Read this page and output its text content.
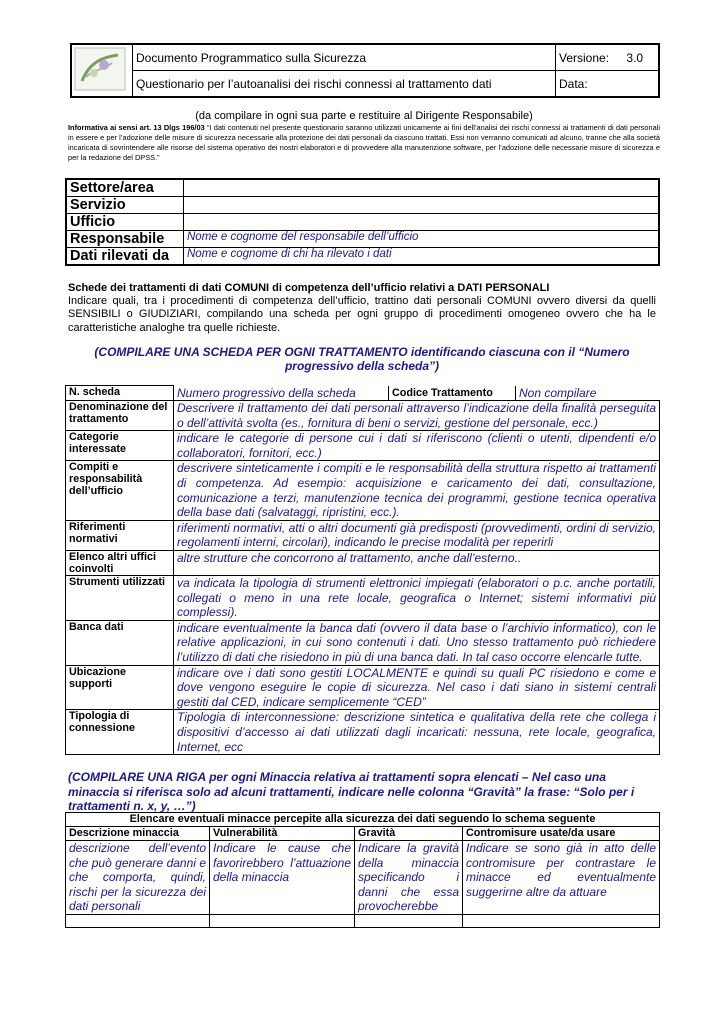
	Documento Programmatico sulla Sicurezza	Versione: 3.0
	Questionario per l’autoanalisi dei rischi connessi al trattamento dati	Data:
(da compilare in ogni sua parte e restituire al Dirigente Responsabile)
Informativa ai sensi art. 13 Dlgs 196/03 “I dati contenuti nel presente questionario saranno utilizzati unicamente ai fini dell’analisi dei rischi connessi ai trattamenti di dati personali in essere e per l’adozione delle misure di sicurezza necessarie alla protezione dei dati personali da ciascuno trattati. Essi non verranno comunicati ad alcuno, tranne che alla società incaricata di sovrintendere alle risorse del sistema operativo dei nostri elaboratori e di provvedere alla manutenzione software, per l’adozione delle necessarie misure di sicurezza e per la redazione del DPSS.”
Settore/area	
Servizio	
Ufficio	
Responsabile	Nome e cognome del responsabile dell’ufficio
Dati rilevati da	Nome e cognome di chi ha rilevato i dati
Schede dei trattamenti di dati COMUNI di competenza dell’ufficio relativi a DATI PERSONALI
Indicare quali, tra i procedimenti di competenza dell’ufficio, trattino dati personali COMUNI ovvero diversi da quelli SENSIBILI o GIUDIZIARI, compilando una scheda per ogni gruppo di procedimenti omogeneo ovvero che ha le caratteristiche analoghe tra quelle richieste.
(COMPILARE UNA SCHEDA PER OGNI TRATTAMENTO identificando ciascuna con il “Numero progressivo della scheda”)
N. scheda		Numero progressivo della scheda	Codice Trattamento	Non compilare

Denominazione del trattamento	Descrivere il trattamento dei dati personali attraverso l’indicazione della finalità perseguita o dell’attività svolta (es., fornitura di beni o servizi, gestione del personale, ecc.)
Categorie interessate	indicare le categorie di persone cui i dati si riferiscono (clienti o utenti, dipendenti e/o collaboratori, fornitori, ecc.)
Compiti e responsabilità dell’ufficio	descrivere sinteticamente i compiti e le responsabilità della struttura rispetto ai trattamenti di competenza. Ad esempio: acquisizione e caricamento dei dati, consultazione, comunicazione a terzi, manutenzione tecnica dei programmi, gestione tecnica operativa della base dati (salvataggi, ripristini, ecc.).
Riferimenti normativi	riferimenti normativi, atti o altri documenti già predisposti (provvedimenti, ordini di servizio, regolamenti interni, circolari), indicando le precise modalità per reperirli
Elenco altri uffici coinvolti	altre strutture che concorrono al trattamento, anche dall’esterno..
Strumenti utilizzati	va indicata la tipologia di strumenti elettronici impiegati (elaboratori o p.c. anche portatili, collegati o meno in una rete locale, geografica o Internet; sistemi informativi più complessi).
Banca dati	indicare eventualmente la banca dati (ovvero il data base o l’archivio informatico), con le relative applicazioni, in cui sono contenuti i dati. Uno stesso trattamento può richiedere l’utilizzo di dati che risiedono in più di una banca dati. In tal caso occorre elencarle tutte.
Ubicazione supporti	indicare ove i dati sono gestiti LOCALMENTE e quindi su quali PC risiedono e come e dove vengono eseguire le copie di sicurezza. Nel caso i dati siano in sistemi centrali gestiti dal CED, indicare semplicemente “CED”
Tipologia di connessione	Tipologia di interconnessione: descrizione sintetica e qualitativa della rete che collega i dispositivi d’accesso ai dati utilizzati dagli incaricati: nessuna, rete locale, geografica, Internet, ecc
(COMPILARE UNA RIGA per ogni Minaccia relativa ai trattamenti sopra elencati – Nel caso una minaccia si riferisca solo ad alcuni trattamenti, indicare nelle colonna “Gravità” la frase: “Solo per i trattamenti n. x, y, …”)
Elencare eventuali minacce percepite alla sicurezza dei dati seguendo lo schema seguente			
Descrizione minaccia	Vulnerabilità	Gravità	Contromisure usate/da usare
descrizione dell’evento che può generare danni e che comporta, quindi, rischi per la sicurezza dei dati personali	Indicare le cause che favorirebbero l’attuazione della minaccia	Indicare la gravità della minaccia specificando i danni che essa provocherebbe	Indicare se sono già in atto delle contromisure per contrastare le minacce ed eventualmente suggerirne altre da attuare
